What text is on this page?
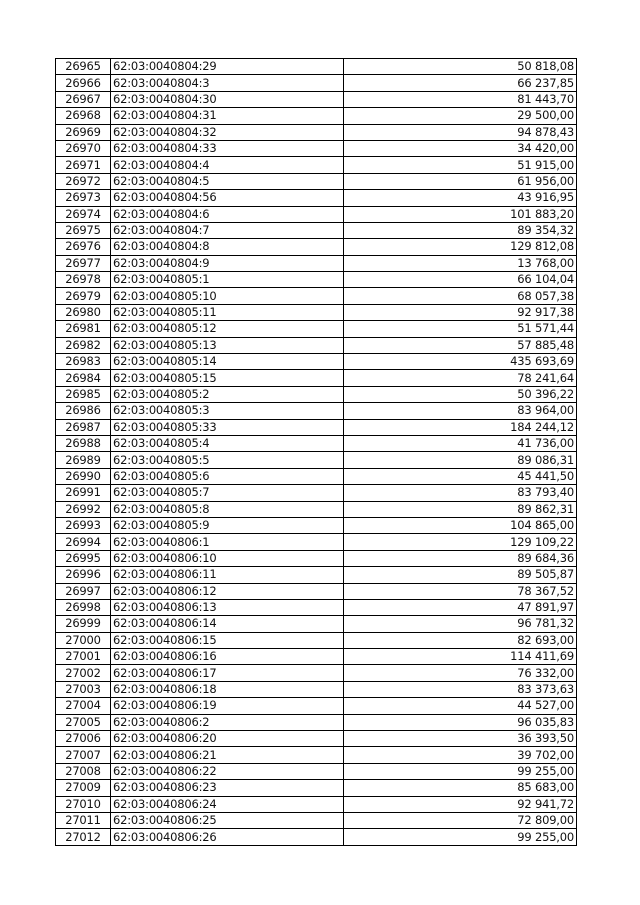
26965	62:03:0040804:29	50 818,08
26966	62:03:0040804:3	66 237,85
26967	62:03:0040804:30	81 443,70
26968	62:03:0040804:31	29 500,00
26969	62:03:0040804:32	94 878,43
26970	62:03:0040804:33	34 420,00
26971	62:03:0040804:4	51 915,00
26972	62:03:0040804:5	61 956,00
26973	62:03:0040804:56	43 916,95
26974	62:03:0040804:6	101 883,20
26975	62:03:0040804:7	89 354,32
26976	62:03:0040804:8	129 812,08
26977	62:03:0040804:9	13 768,00
26978	62:03:0040805:1	66 104,04
26979	62:03:0040805:10	68 057,38
26980	62:03:0040805:11	92 917,38
26981	62:03:0040805:12	51 571,44
26982	62:03:0040805:13	57 885,48
26983	62:03:0040805:14	435 693,69
26984	62:03:0040805:15	78 241,64
26985	62:03:0040805:2	50 396,22
26986	62:03:0040805:3	83 964,00
26987	62:03:0040805:33	184 244,12
26988	62:03:0040805:4	41 736,00
26989	62:03:0040805:5	89 086,31
26990	62:03:0040805:6	45 441,50
26991	62:03:0040805:7	83 793,40
26992	62:03:0040805:8	89 862,31
26993	62:03:0040805:9	104 865,00
26994	62:03:0040806:1	129 109,22
26995	62:03:0040806:10	89 684,36
26996	62:03:0040806:11	89 505,87
26997	62:03:0040806:12	78 367,52
26998	62:03:0040806:13	47 891,97
26999	62:03:0040806:14	96 781,32
27000	62:03:0040806:15	82 693,00
27001	62:03:0040806:16	114 411,69
27002	62:03:0040806:17	76 332,00
27003	62:03:0040806:18	83 373,63
27004	62:03:0040806:19	44 527,00
27005	62:03:0040806:2	96 035,83
27006	62:03:0040806:20	36 393,50
27007	62:03:0040806:21	39 702,00
27008	62:03:0040806:22	99 255,00
27009	62:03:0040806:23	85 683,00
27010	62:03:0040806:24	92 941,72
27011	62:03:0040806:25	72 809,00
27012	62:03:0040806:26	99 255,00
